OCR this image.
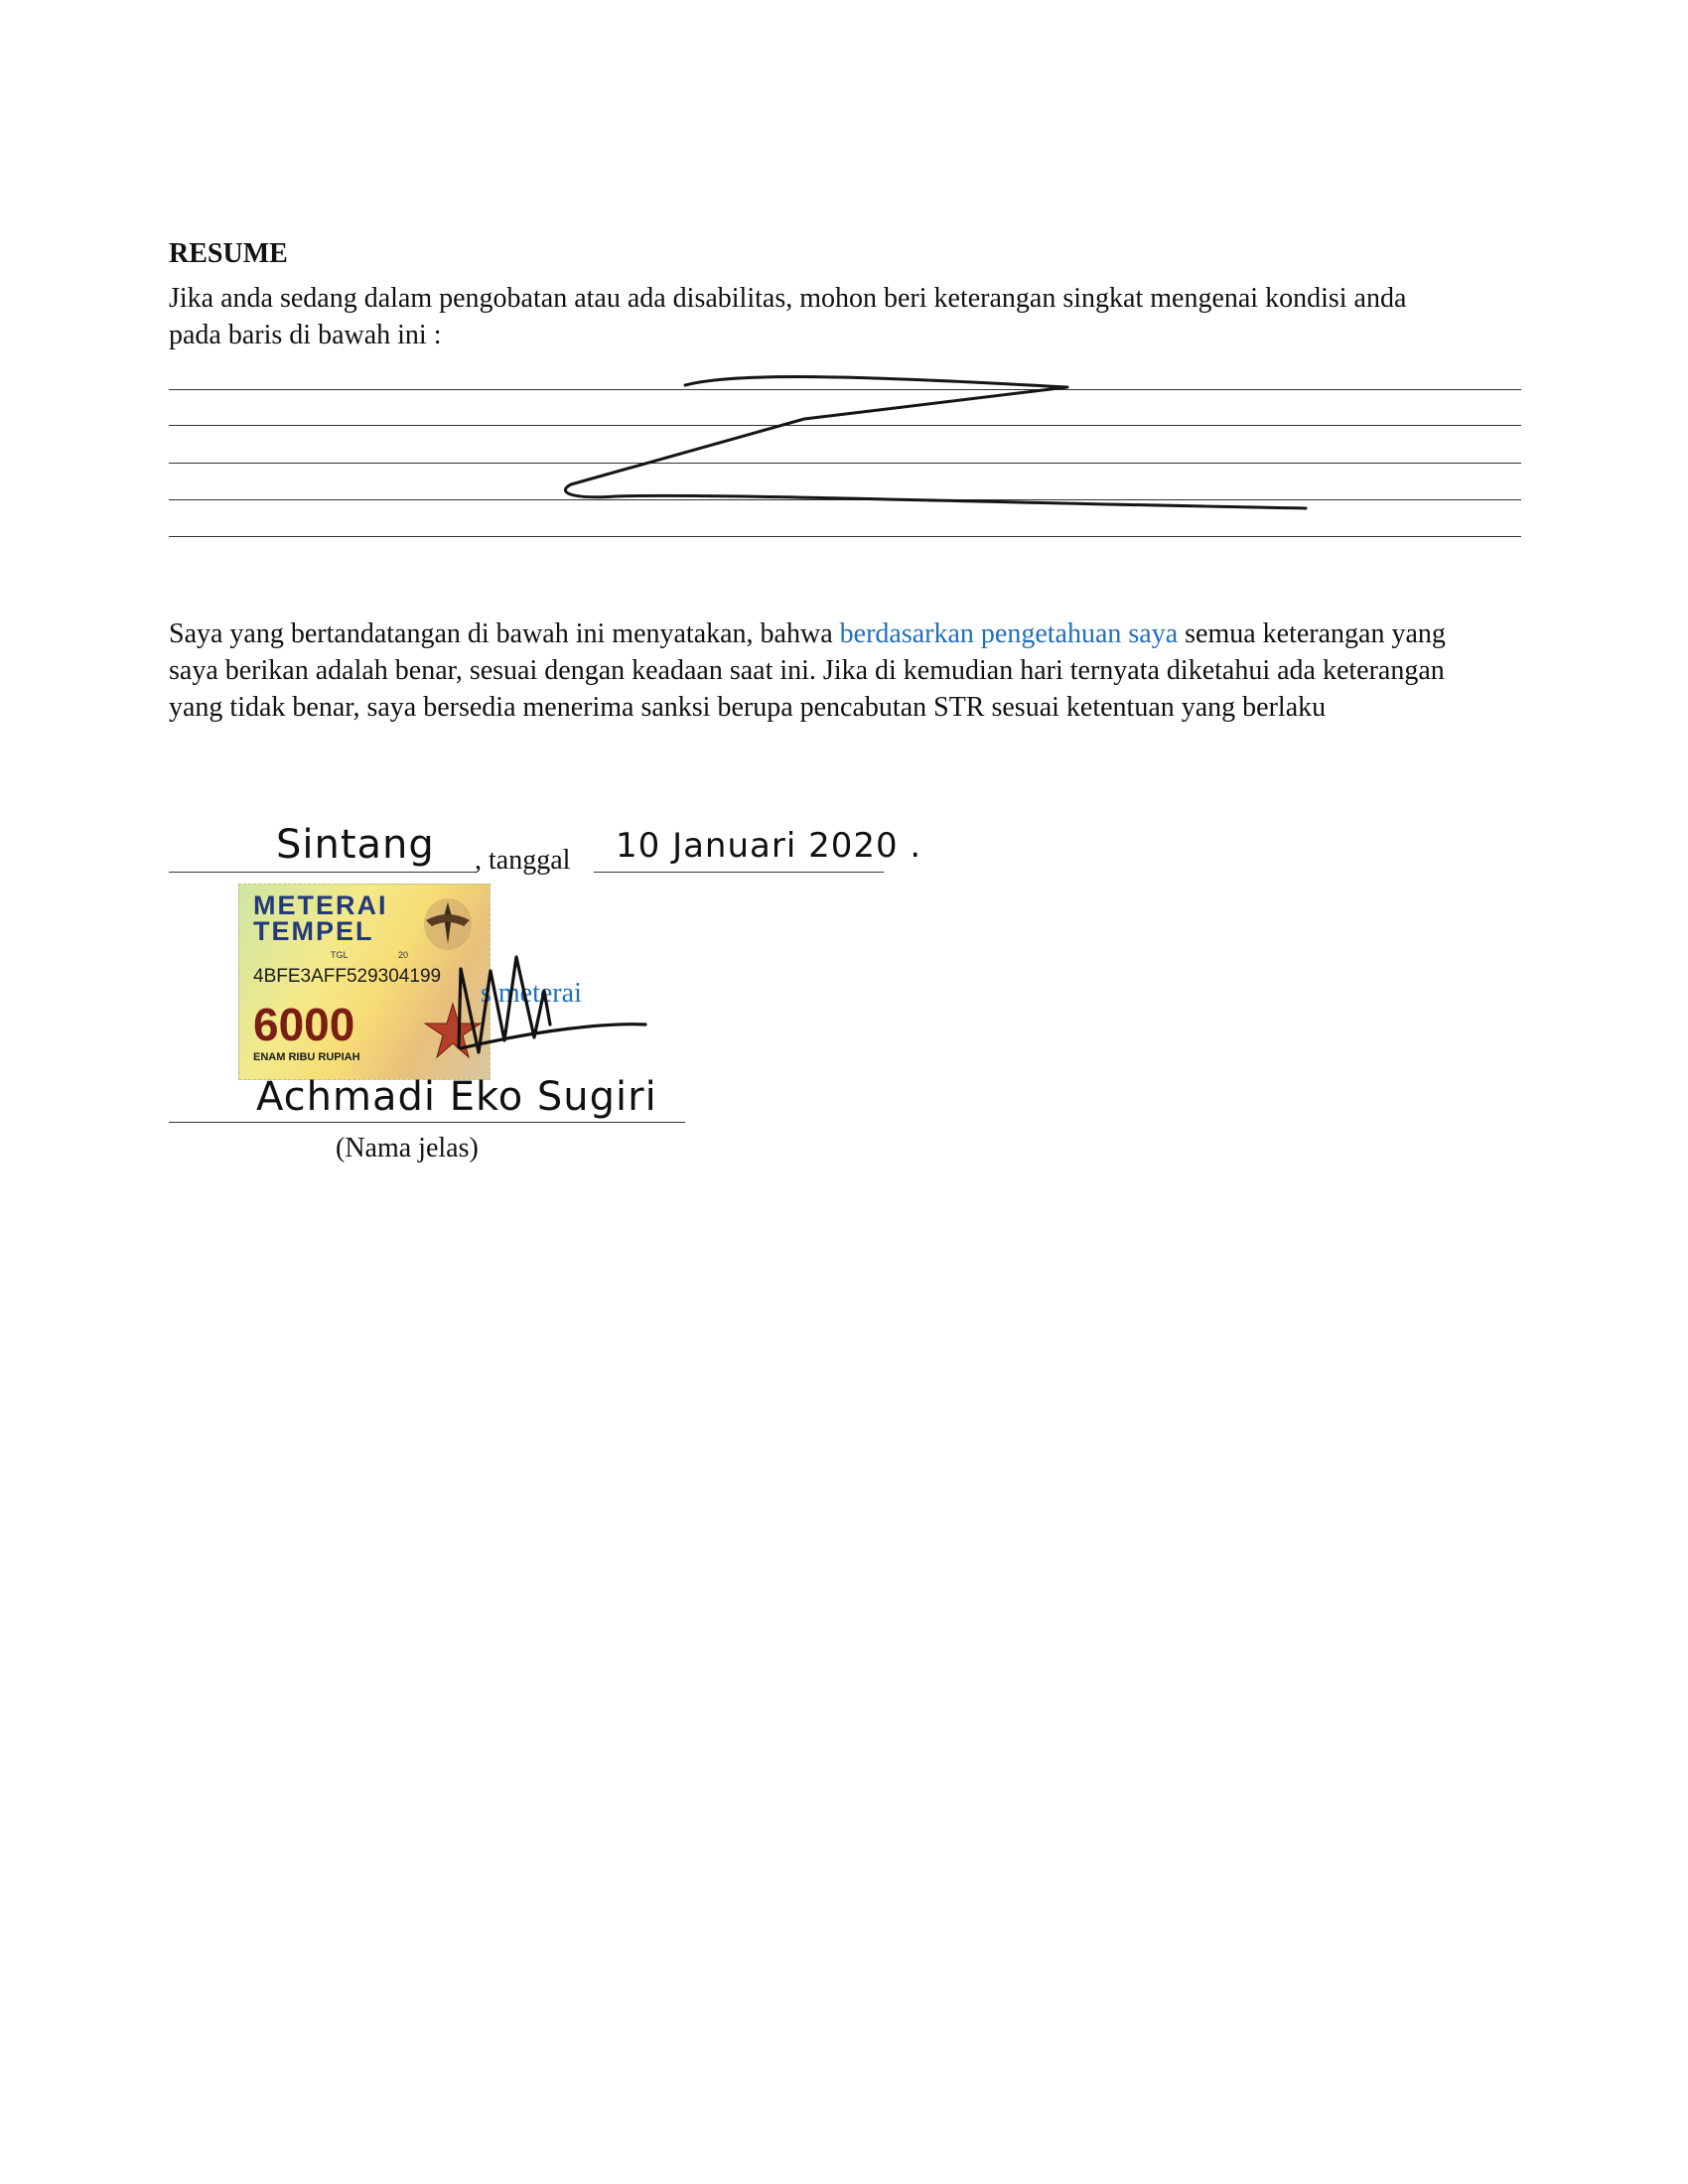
RESUME
Jika anda sedang dalam pengobatan atau ada disabilitas, mohon beri keterangan singkat mengenai kondisi anda pada baris di bawah ini :
Saya yang bertandatangan di bawah ini menyatakan, bahwa berdasarkan pengetahuan saya semua keterangan yang saya berikan adalah benar, sesuai dengan keadaan saat ini. Jika di kemudian hari ternyata diketahui ada keterangan yang tidak benar, saya bersedia menerima sanksi berupa pencabutan STR sesuai ketentuan yang berlaku
Sintang , tanggal 10 Januari 2020 .
METERAI
TEMPEL
TGL	20
4BFE3AFF529304199
6000
ENAM RIBU RUPIAH
s meterai
Achmadi Eko Sugiri
(Nama jelas)
